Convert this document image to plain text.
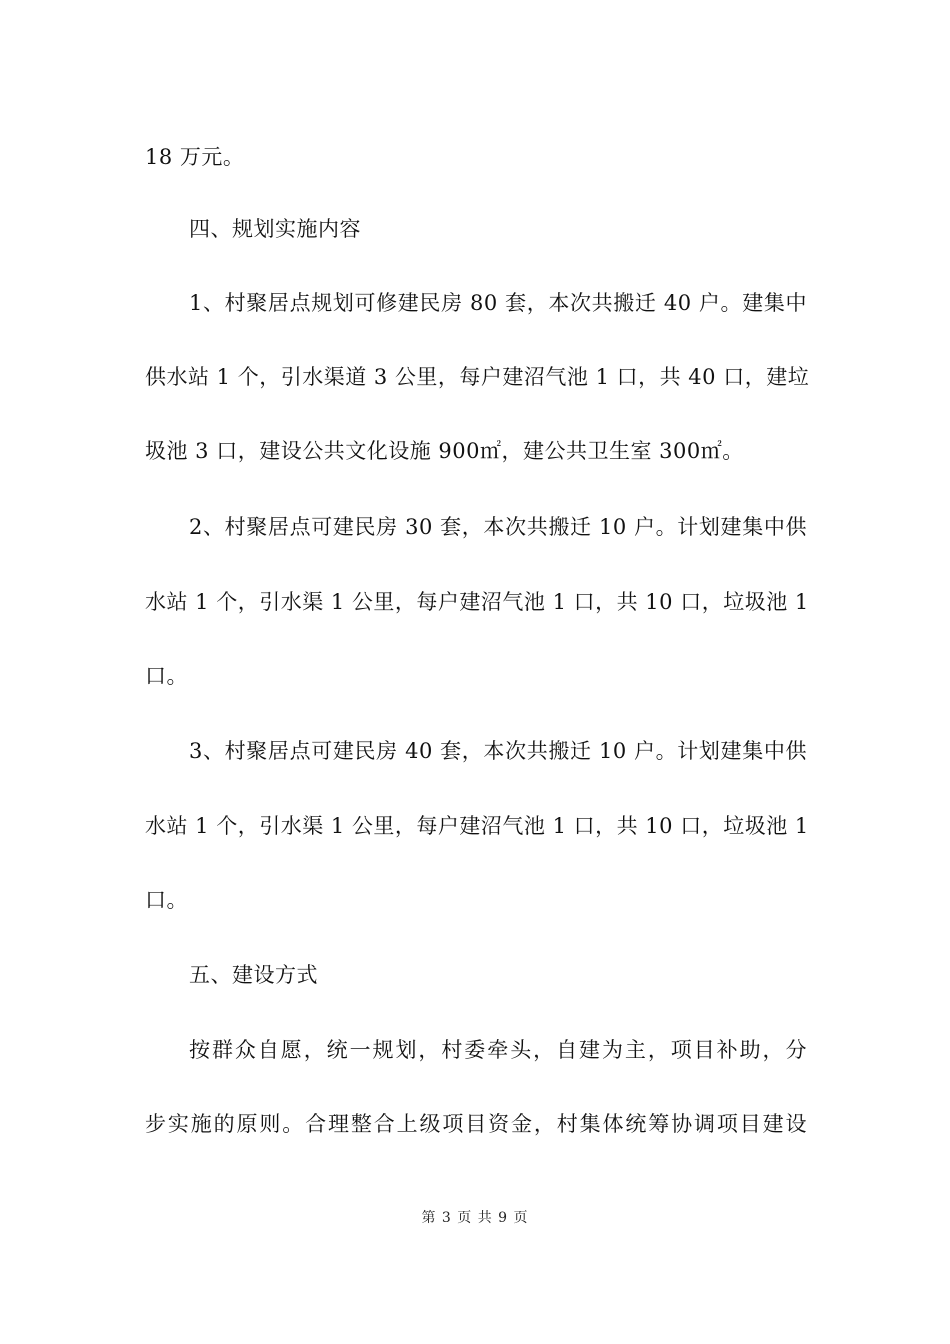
18 万元。
四、规划实施内容
1、村聚居点规划可修建民房 80 套，本次共搬迁 40 户。建集中
供水站 1 个，引水渠道 3 公里，每户建沼气池 1 口，共 40 口，建垃
圾池 3 口，建设公共文化设施 900㎡，建公共卫生室 300㎡。
2、村聚居点可建民房 30 套，本次共搬迁 10 户。计划建集中供
水站 1 个，引水渠 1 公里，每户建沼气池 1 口，共 10 口，垃圾池 1
口。
3、村聚居点可建民房 40 套，本次共搬迁 10 户。计划建集中供
水站 1 个，引水渠 1 公里，每户建沼气池 1 口，共 10 口，垃圾池 1
口。
五、建设方式
按群众自愿，统一规划，村委牵头，自建为主，项目补助，分
步实施的原则。合理整合上级项目资金，村集体统筹协调项目建设
第 3 页 共 9 页
